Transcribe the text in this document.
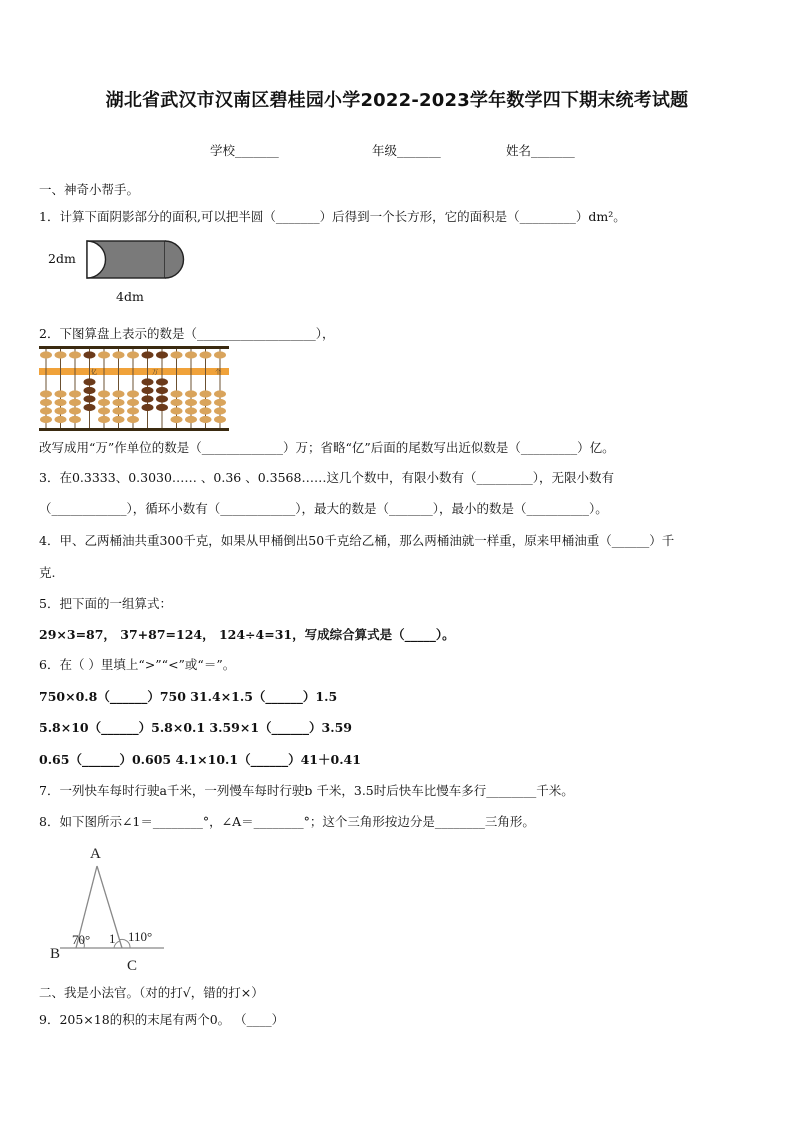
湖北省武汉市汉南区碧桂园小学2022-2023学年数学四下期末统考试题
学校_______	年级_______	姓名_______
一、神奇小帮手。
1．计算下面阴影部分的面积,可以把半圆（_______）后得到一个长方形，它的面积是（_________）dm²。
2dm
4dm
2．下图算盘上表示的数是（___________________），
亿	万	个
改写成用“万”作单位的数是（_____________）万；省略“亿”后面的尾数写出近似数是（_________）亿。
3．在0.3333、0.3030…… 、0.36 、0.3568……这几个数中，有限小数有（_________），无限小数有
（____________），循环小数有（____________），最大的数是（_______），最小的数是（__________）。
4．甲、乙两桶油共重300千克，如果从甲桶倒出50千克给乙桶，那么两桶油就一样重，原来甲桶油重（______）千
克.
5．把下面的一组算式：
29×3=87， 37+87=124， 124÷4=31，写成综合算式是（_____）。
6．在（ ）里填上“>”“<”或“＝”。
750×0.8（______）750 31.4×1.5（______）1.5
5.8×10（______）5.8×0.1 3.59×1（______）3.59
0.65（______）0.605 4.1×10.1（______）41＋0.41
7．一列快车每时行驶a千米，一列慢车每时行驶b 千米，3.5时后快车比慢车多行________千米。
8．如下图所示∠1＝________°，∠A＝________°；这个三角形按边分是________三角形。
A
B
C
70° 1 110°
二、我是小法官。（对的打√，错的打×）
9．205×18的积的末尾有两个0。 （____）
